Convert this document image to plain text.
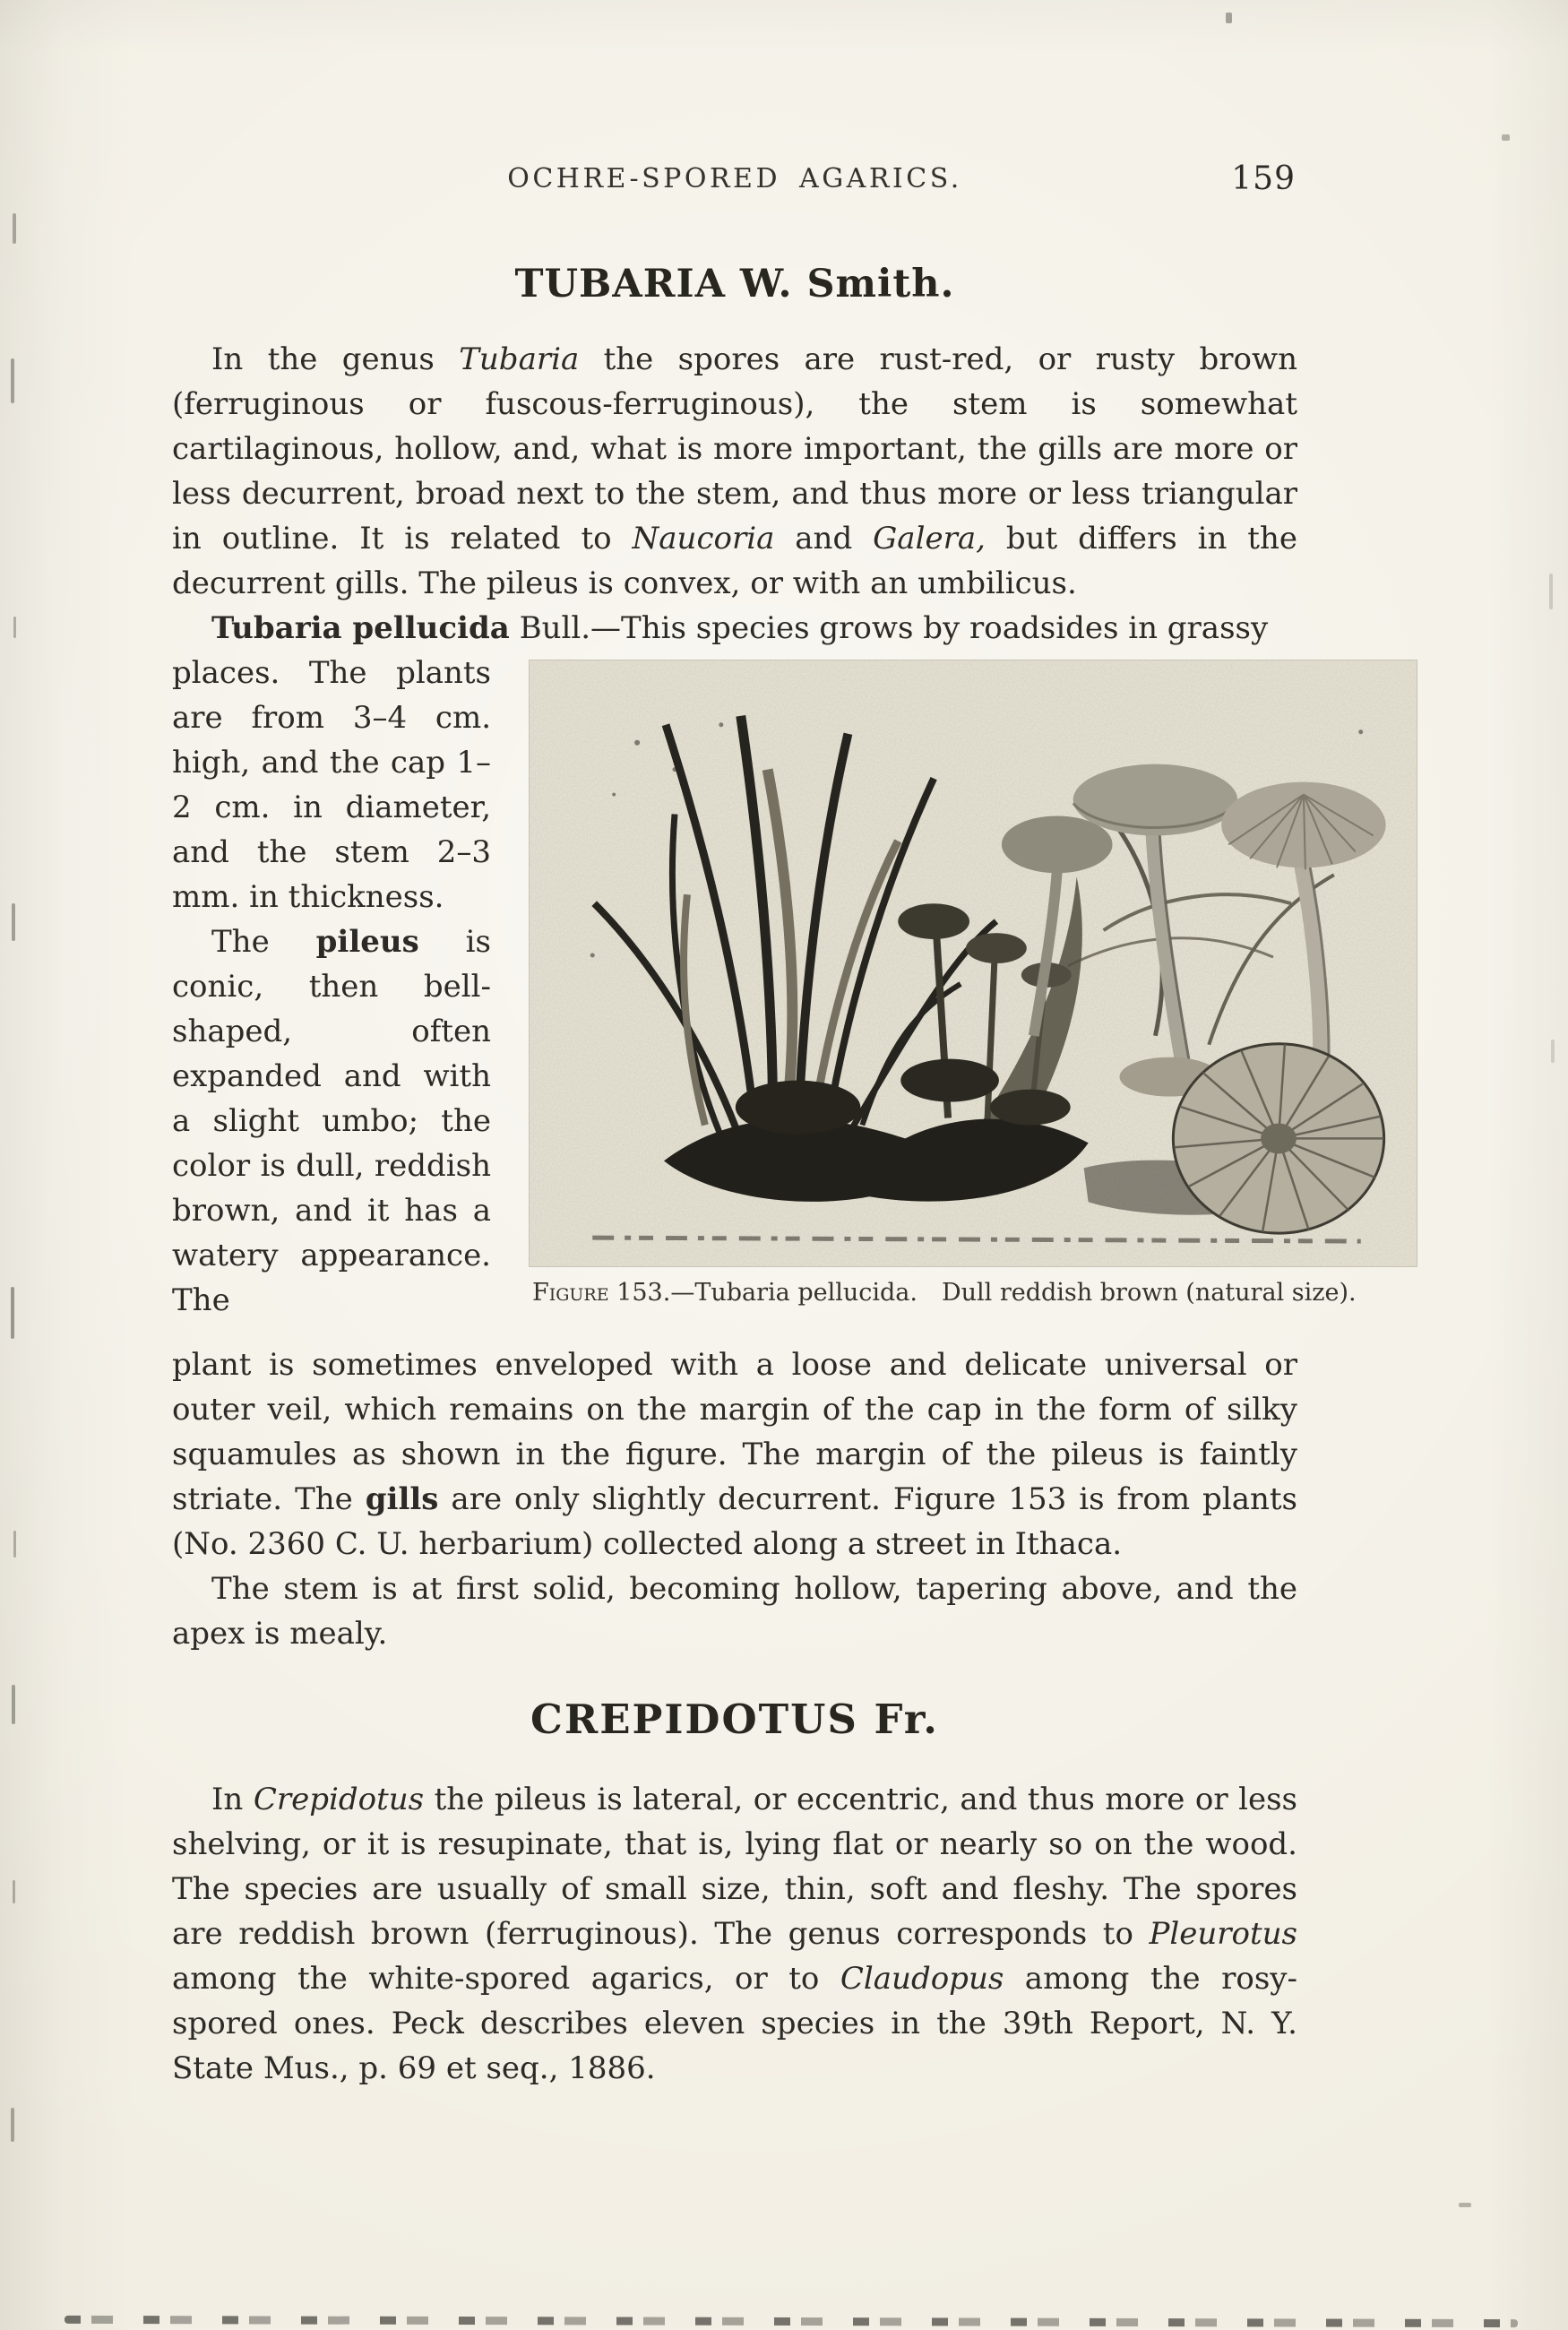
OCHRE-SPORED AGARICS.	159
TUBARIA W. Smith.

In the genus Tubaria the spores are rust-red, or rusty brown (ferruginous or fuscous-ferruginous), the stem is somewhat cartilaginous, hollow, and, what is more important, the gills are more or less decurrent, broad next to the stem, and thus more or less triangular in outline. It is related to Naucoria and Galera, but differs in the decurrent gills. The pileus is convex, or with an umbilicus.

Tubaria pellucida Bull.—This species grows by roadsides in grassy

Figure 153.—Tubaria pellucida. Dull reddish brown (natural size).

places. The plants are from 3–4 cm. high, and the cap 1–2 cm. in diameter, and the stem 2–3 mm. in thickness.

The pileus is conic, then bell-shaped, often expanded and with a slight umbo; the color is dull, reddish brown, and it has a watery appearance. The

plant is sometimes enveloped with a loose and delicate universal or outer veil, which remains on the margin of the cap in the form of silky squamules as shown in the figure. The margin of the pileus is faintly striate. The gills are only slightly decurrent. Figure 153 is from plants (No. 2360 C. U. herbarium) collected along a street in Ithaca.

The stem is at first solid, becoming hollow, tapering above, and the apex is mealy.

CREPIDOTUS Fr.

In Crepidotus the pileus is lateral, or eccentric, and thus more or less shelving, or it is resupinate, that is, lying flat or nearly so on the wood. The species are usually of small size, thin, soft and fleshy. The spores are reddish brown (ferruginous). The genus corresponds to Pleurotus among the white-spored agarics, or to Claudopus among the rosy-spored ones. Peck describes eleven species in the 39th Report, N. Y. State Mus., p. 69 et seq., 1886.
